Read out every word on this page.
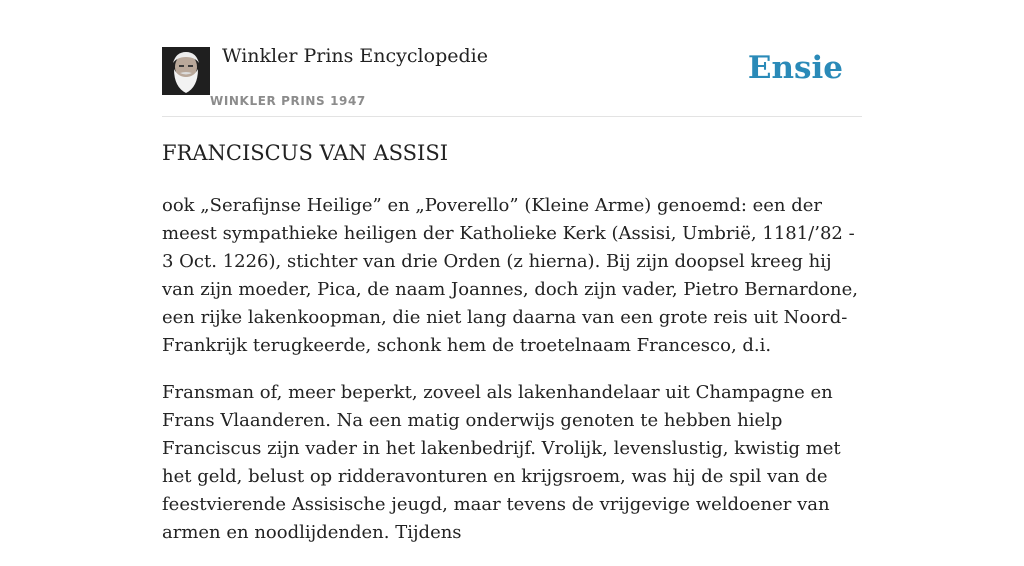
Winkler Prins Encyclopedie
WINKLER PRINS 1947
Ensie
FRANCISCUS VAN ASSISI

ook „Serafijnse Heilige” en „Poverello” (Kleine Arme) genoemd: een der meest sympathieke heiligen der Katholieke Kerk (Assisi, Umbrië, 1181/’82 - 3 Oct. 1226), stichter van drie Orden (z hierna). Bij zijn doopsel kreeg hij van zijn moeder, Pica, de naam Joannes, doch zijn vader, Pietro Bernardone, een rijke lakenkoopman, die niet lang daarna van een grote reis uit Noord-Frankrijk terugkeerde, schonk hem de troetelnaam Francesco, d.i.

Fransman of, meer beperkt, zoveel als lakenhandelaar uit Champagne en Frans Vlaanderen. Na een matig onderwijs genoten te hebben hielp Franciscus zijn vader in het lakenbedrijf. Vrolijk, levenslustig, kwistig met het geld, belust op ridderavonturen en krijgsroem, was hij de spil van de feestvierende Assisische jeugd, maar tevens de vrijgevige weldoener van armen en noodlijdenden. Tijdens
